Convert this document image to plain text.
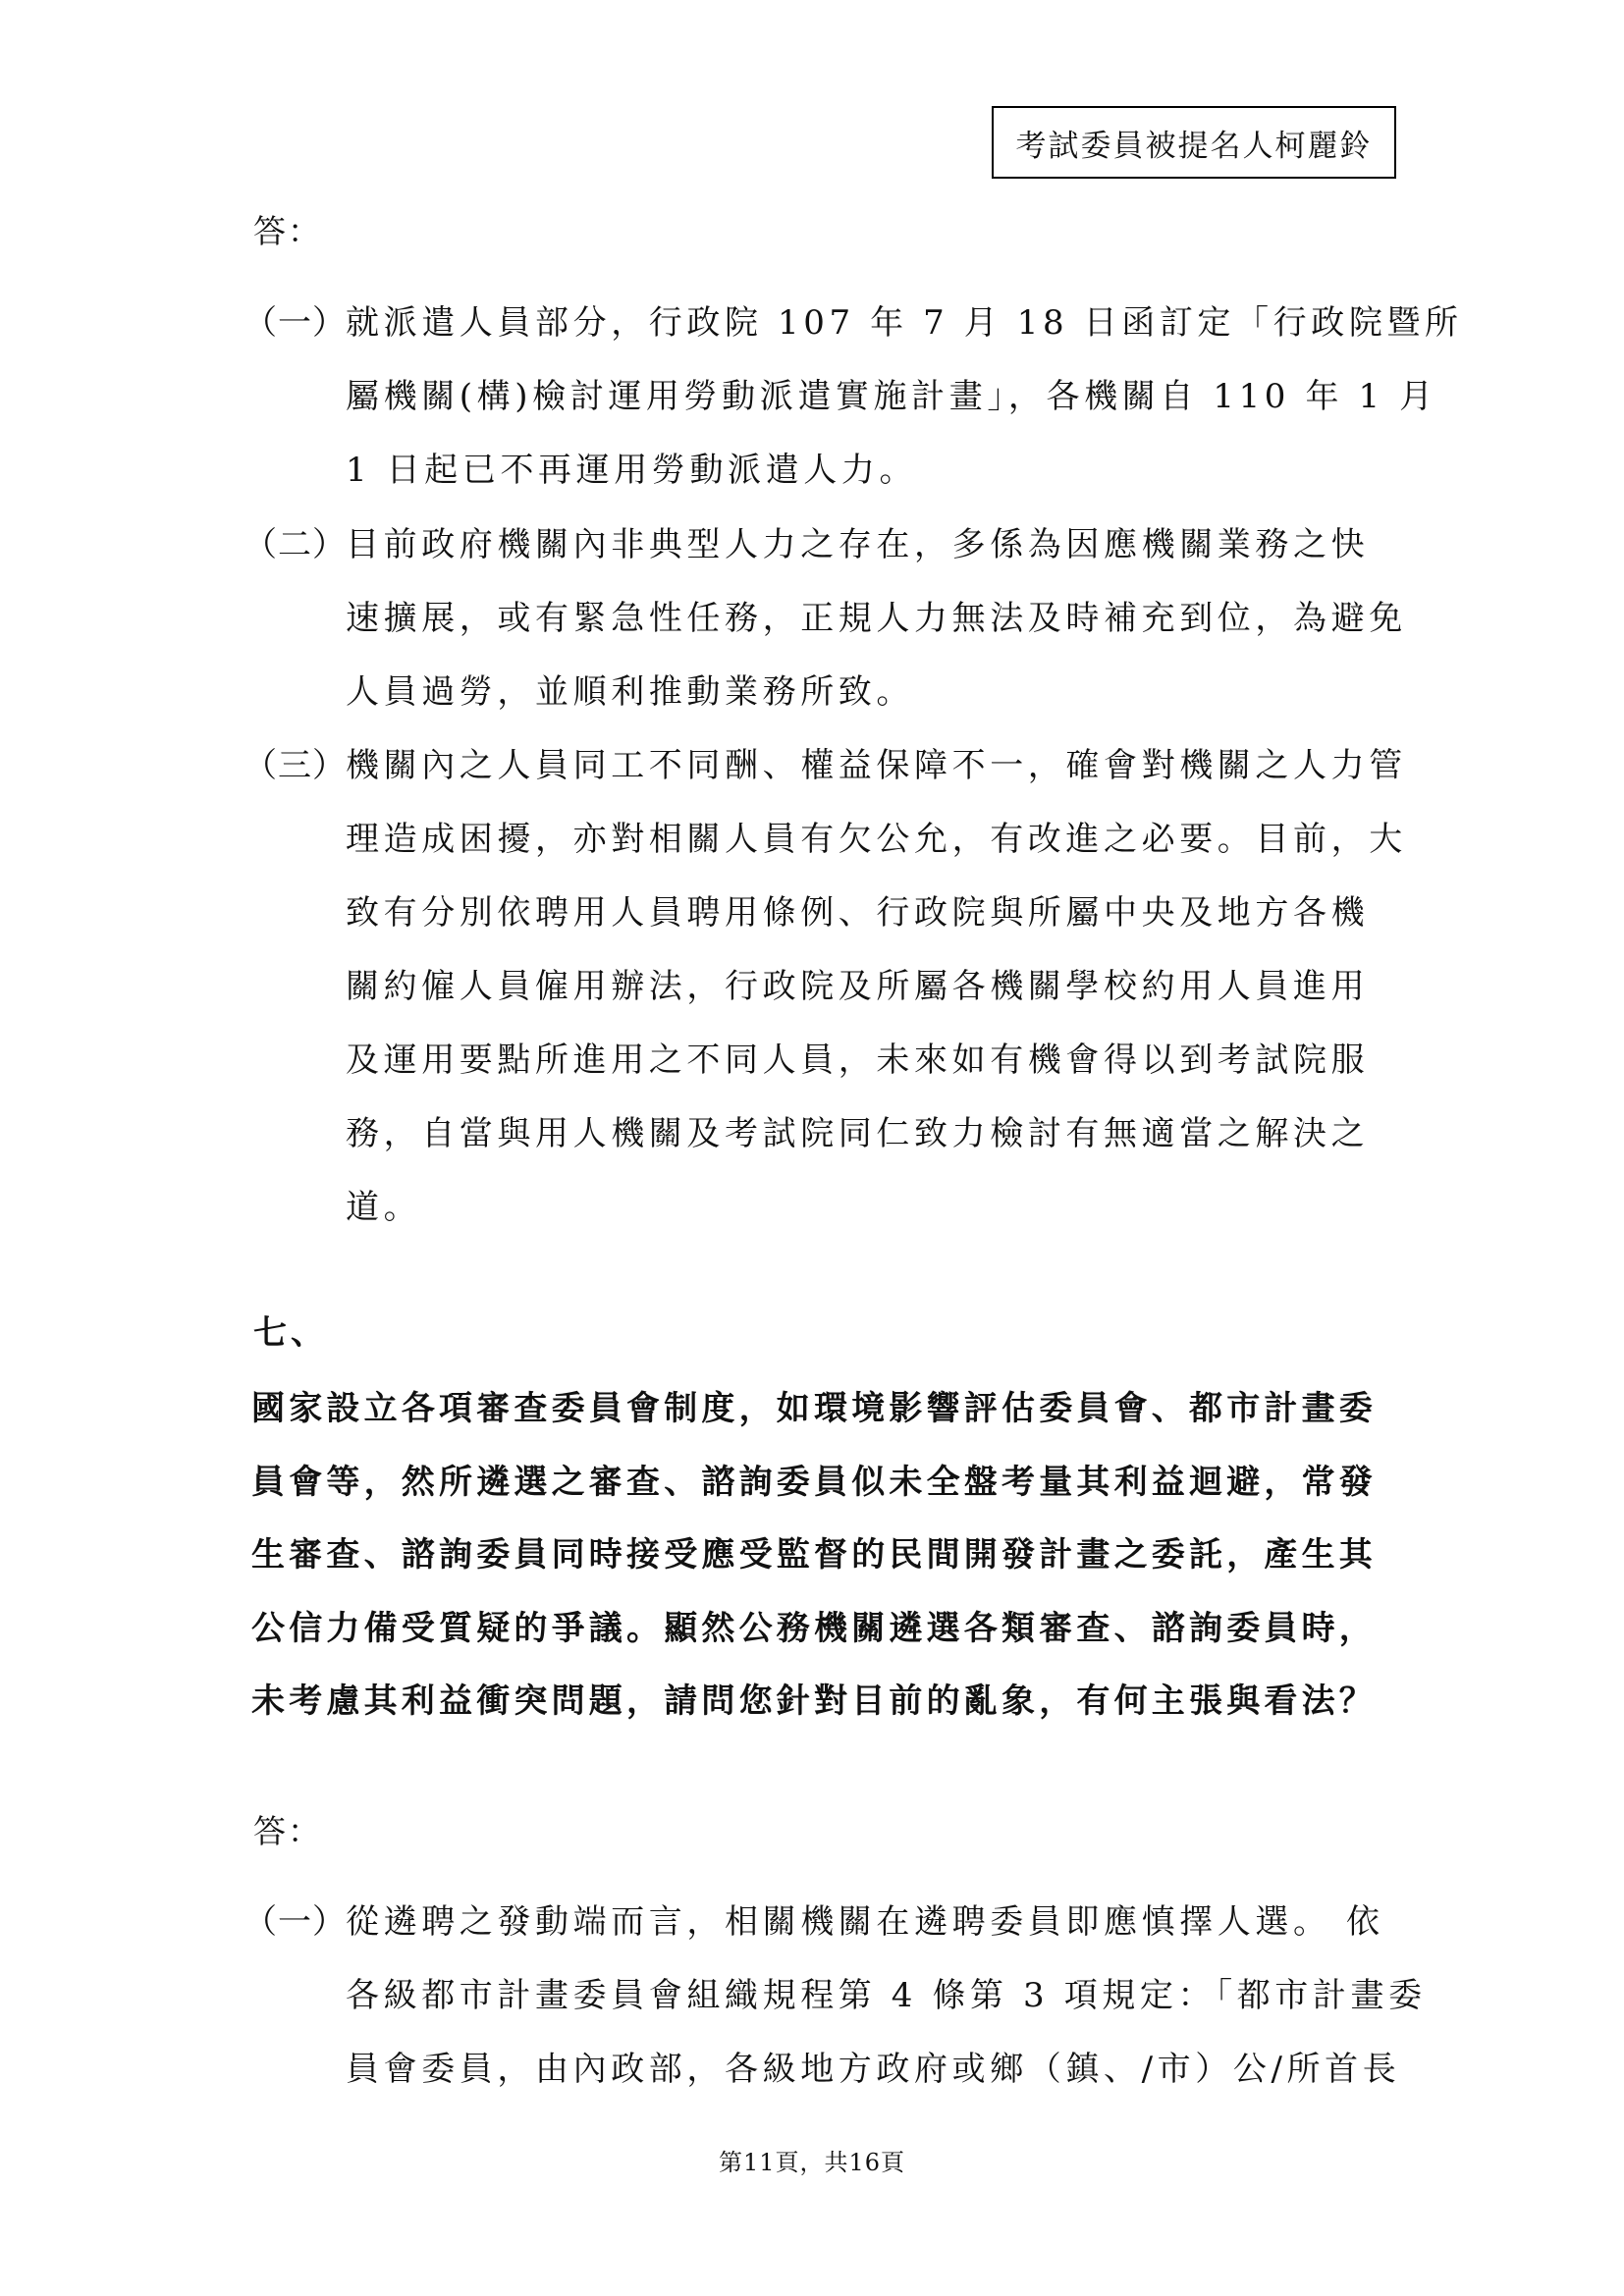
考試委員被提名人柯麗鈴
答：
（一） 就派遣人員部分，行政院 107 年 7 月 18 日函訂定「行政院暨所
屬機關(構)檢討運用勞動派遣實施計畫」，各機關自 110 年 1 月
1 日起已不再運用勞動派遣人力。
（二） 目前政府機關內非典型人力之存在，多係為因應機關業務之快
速擴展，或有緊急性任務，正規人力無法及時補充到位，為避免
人員過勞，並順利推動業務所致。
（三） 機關內之人員同工不同酬、權益保障不一，確會對機關之人力管
理造成困擾，亦對相關人員有欠公允，有改進之必要。目前，大
致有分別依聘用人員聘用條例、行政院與所屬中央及地方各機
關約僱人員僱用辦法，行政院及所屬各機關學校約用人員進用
及運用要點所進用之不同人員，未來如有機會得以到考試院服
務，自當與用人機關及考試院同仁致力檢討有無適當之解決之
道。
七、
國家設立各項審查委員會制度，如環境影響評估委員會、都市計畫委
員會等，然所遴選之審查、諮詢委員似未全盤考量其利益迴避，常發
生審查、諮詢委員同時接受應受監督的民間開發計畫之委託，產生其
公信力備受質疑的爭議。顯然公務機關遴選各類審查、諮詢委員時，
未考慮其利益衝突問題，請問您針對目前的亂象，有何主張與看法？
答：
（一） 從遴聘之發動端而言，相關機關在遴聘委員即應慎擇人選。 依
各級都市計畫委員會組織規程第 4 條第 3 項規定：「都市計畫委
員會委員，由內政部，各級地方政府或鄉（鎮、/市）公/所首長
第11頁，共16頁
